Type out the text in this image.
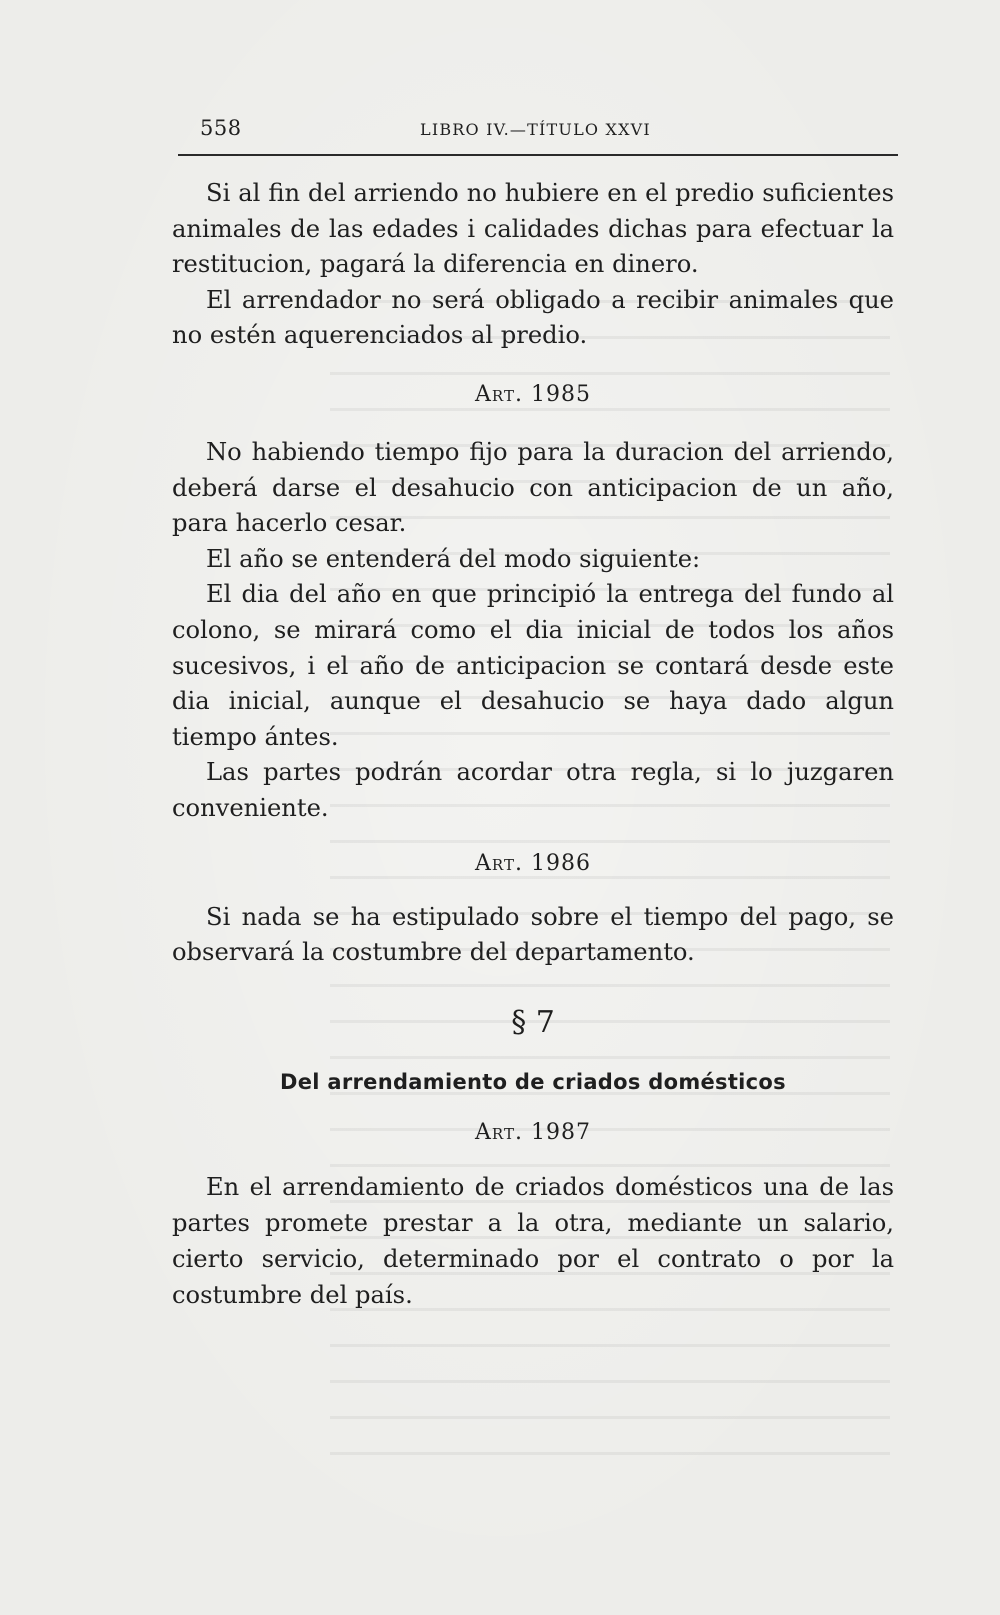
558	LIBRO IV.—TÍTULO XXVI

Si al fin del arriendo no hubiere en el predio suficientes animales de las edades i calidades dichas para efectuar la restitucion, pagará la diferencia en dinero.

El arrendador no será obligado a recibir animales que no estén aquerenciados al predio.

Art. 1985

No habiendo tiempo fijo para la duracion del arriendo, deberá darse el desahucio con anticipacion de un año, para hacerlo cesar.

El año se entenderá del modo siguiente:

El dia del año en que principió la entrega del fundo al colono, se mirará como el dia inicial de todos los años sucesivos, i el año de anticipacion se contará desde este dia inicial, aunque el desahucio se haya dado algun tiempo ántes.

Las partes podrán acordar otra regla, si lo juzgaren conveniente.

Art. 1986

Si nada se ha estipulado sobre el tiempo del pago, se observará la costumbre del departamento.

§ 7

Del arrendamiento de criados domésticos

Art. 1987

En el arrendamiento de criados domésticos una de las partes promete prestar a la otra, mediante un salario, cierto servicio, determinado por el contrato o por la costumbre del país.
